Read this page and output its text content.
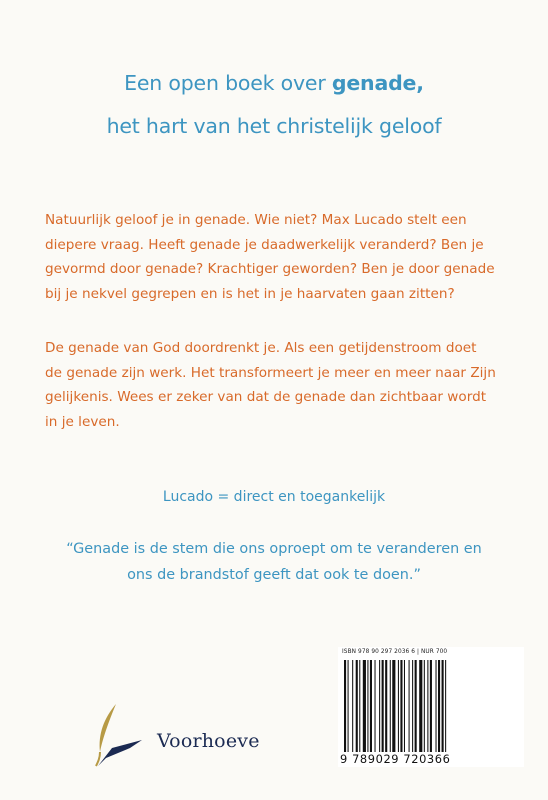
Een open boek over genade,
het hart van het christelijk geloof

Natuurlijk geloof je in genade. Wie niet? Max Lucado stelt een

diepere vraag. Heeft genade je daadwerkelijk veranderd? Ben je

gevormd door genade? Krachtiger geworden? Ben je door genade

bij je nekvel gegrepen en is het in je haarvaten gaan zitten?

De genade van God doordrenkt je. Als een getijdenstroom doet

de genade zijn werk. Het transformeert je meer en meer naar Zijn

gelijkenis. Wees er zeker van dat de genade dan zichtbaar wordt

in je leven.

Lucado = direct en toegankelijk
“Genade is de stem die ons oproept om te veranderen en
ons de brandstof geeft dat ook te doen.”
Voorhoeve
ISBN 978 90 297 2036 6 | NUR 700
9 789029 720366
